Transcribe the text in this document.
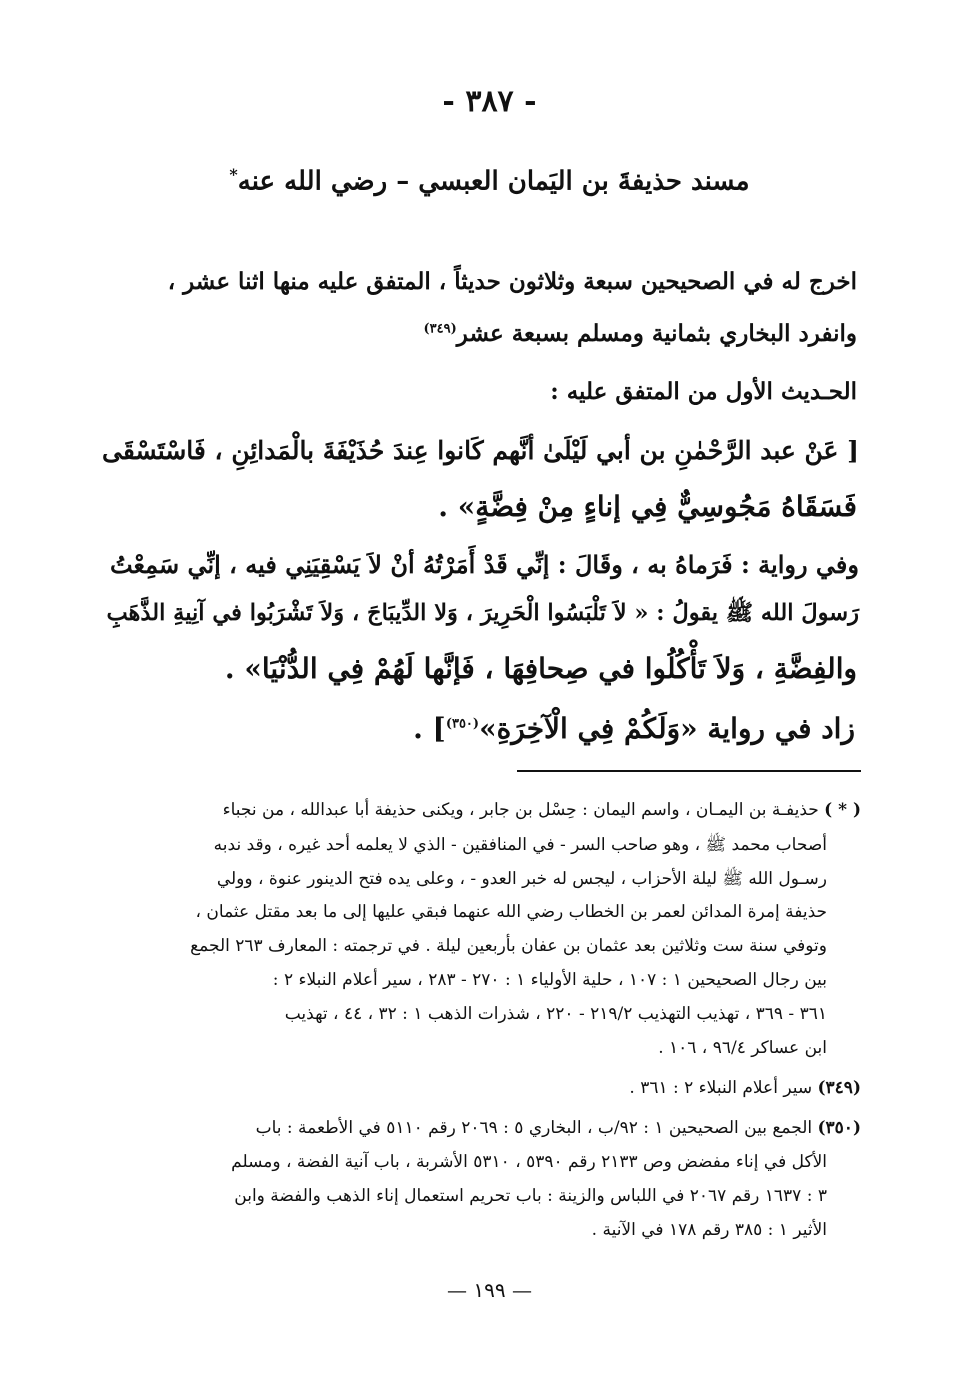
- ٣٨٧ -
مسند حذيفةَ بن اليَمان العبسي – رضي الله عنه*
اخرج له في الصحيحين سبعة وثلاثون حديثاً ، المتفق عليه منها اثنا عشر ،
وانفرد البخاري بثمانية ومسلم بسبعة عشر$^{(٣٤٩)}$
الحـديث الأول من المتفق عليه :
[ عَنْ عبد الرَّحْمٰنِ بن أبي لَيْلَىٰ أنَّهم كَانوا عِندَ حُذَيْفَةَ بالْمَدائِنِ ، فَاسْتَسْقَى
فَسَقَاهُ مَجُوسِيٌّ فِي إناءٍ مِنْ فِضَّةٍ» .
وفي رواية : فَرَماهُ به ، وقَالَ : إنِّي قَدْ أَمَرْتُهُ أنْ لاَ يَسْقِيَنِي فيه ، إنِّي سَمِعْتُ
رَسولَ الله ﷺ يقولُ : « لاَ تَلْبَسُوا الْحَرِيرَ ، وَلا الدِّيبَاجَ ، وَلاَ تَشْرَبُوا في آنِيةِ الذَّهَبِ
والفِضَّةِ ، وَلاَ تَأْكُلُوا في صِحافِهَا ، فَإنَّها لَهُمْ فِي الدُّنْيَا» .
زاد في رواية «وَلَكُمْ فِي الْآخِرَةِ»$^{(٣٥٠)}$] .
( * ) حذيفـة بن اليمـان ، واسم اليمان : حِسْل بن جابر ، ويكنى حذيفة أبا عبدالله ، من نجباء
أصحاب محمد ﷺ ، وهو صاحب السر - في المنافقين - الذي لا يعلمه أحد غيره ، وقد ندبه
رسـول الله ﷺ ليلة الأحزاب ، ليجس له خبر العدو - ، وعلى يده فتح الدينور عنوة ، وولي
حذيفة إمرة المدائن لعمر بن الخطاب رضي الله عنهما فبقي عليها إلى ما بعد مقتل عثمان ،
وتوفي سنة ست وثلاثين بعد عثمان بن عفان بأربعين ليلة . في ترجمته : المعارف ٢٦٣ الجمع
بين رجال الصحيحين ١ : ١٠٧ ، حلية الأولياء ١ : ٢٧٠ - ٢٨٣ ، سير أعلام النبلاء ٢ :
٣٦١ - ٣٦٩ ، تهذيب التهذيب ٢١٩/٢ - ٢٢٠ ، شذرات الذهب ١ : ٣٢ ، ٤٤ ، تهذيب
ابن عساكر ٩٦/٤ ، ١٠٦ .
(٣٤٩) سير أعلام النبلاء ٢ : ٣٦١ .
(٣٥٠) الجمع بين الصحيحين ١ : ٩٢/ب ، البخاري ٥ : ٢٠٦٩ رقم ٥١١٠ في الأطعمة : باب
الأكل في إناء مفضض وص ٢١٣٣ رقم ٥٣٩٠ ، ٥٣١٠ الأشربة ، باب آنية الفضة ، ومسلم
٣ : ١٦٣٧ رقم ٢٠٦٧ في اللباس والزينة : باب تحريم استعمال إناء الذهب والفضة وابن
الأثير ١ : ٣٨٥ رقم ١٧٨ في الآنية .
— ١٩٩ —
